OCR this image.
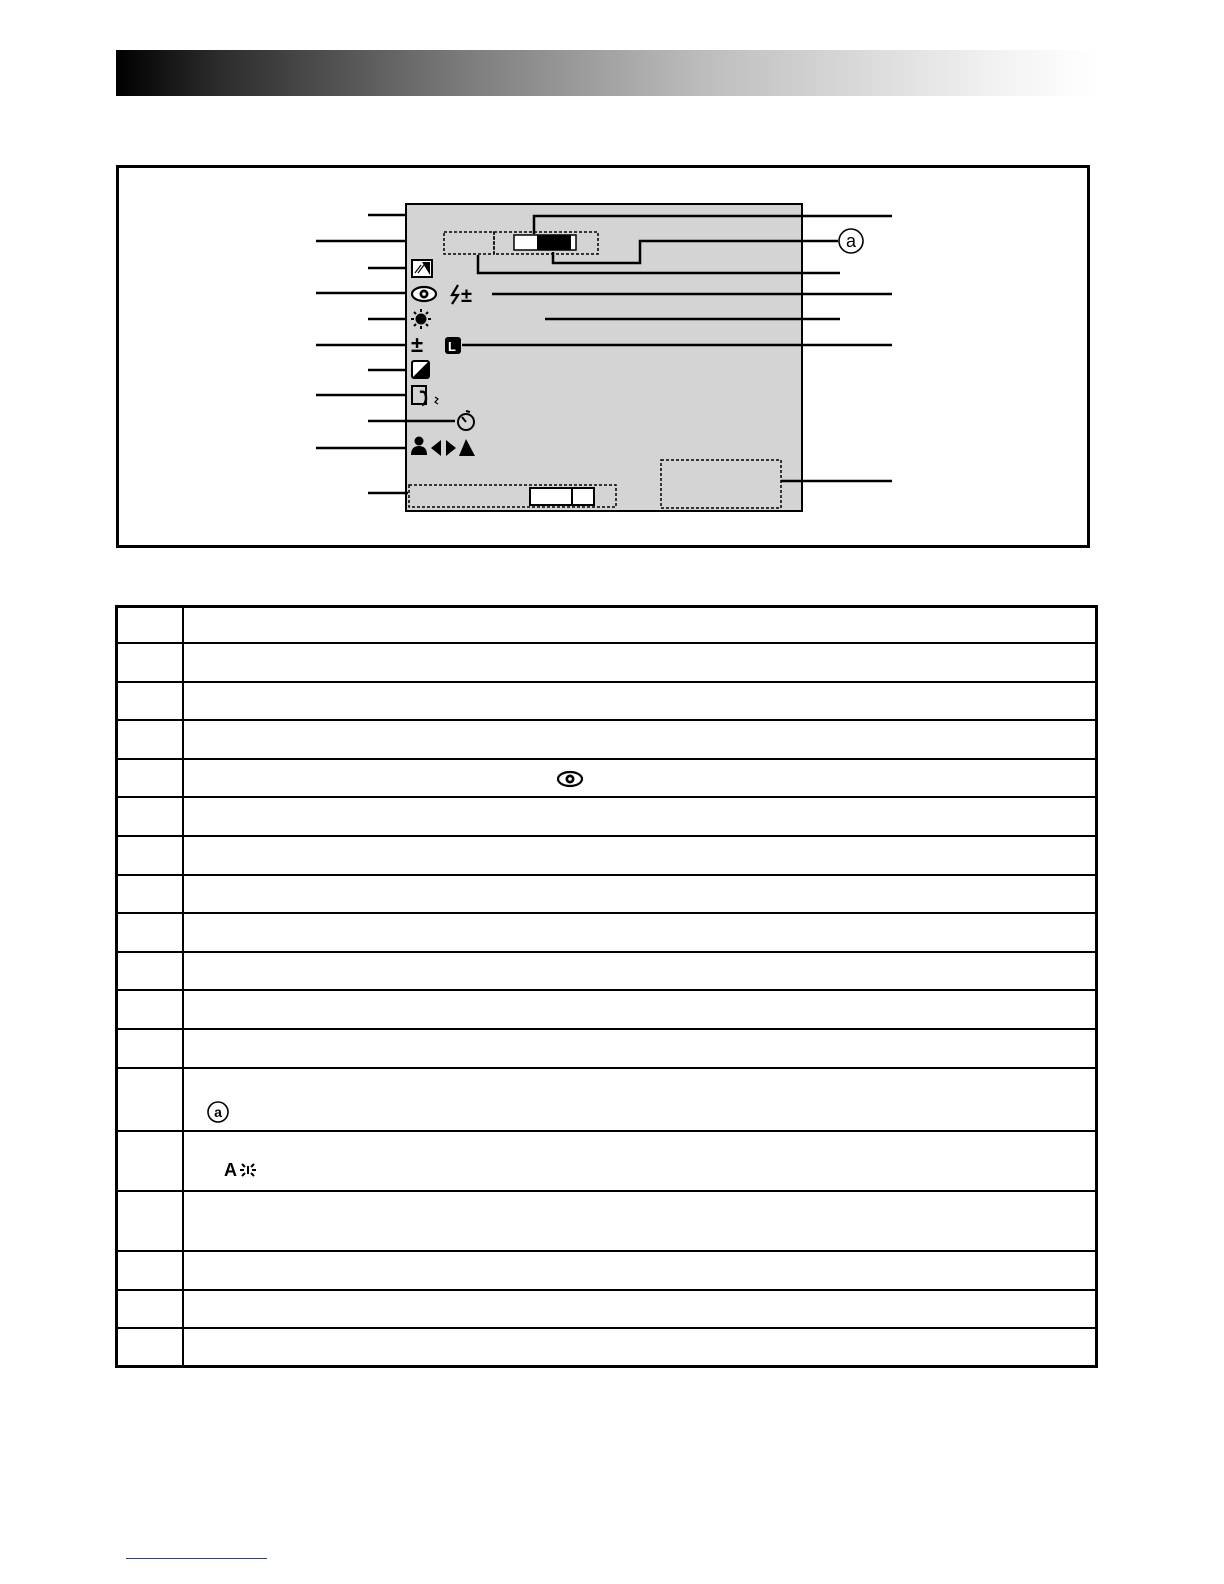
a
±
± L

a

	A
